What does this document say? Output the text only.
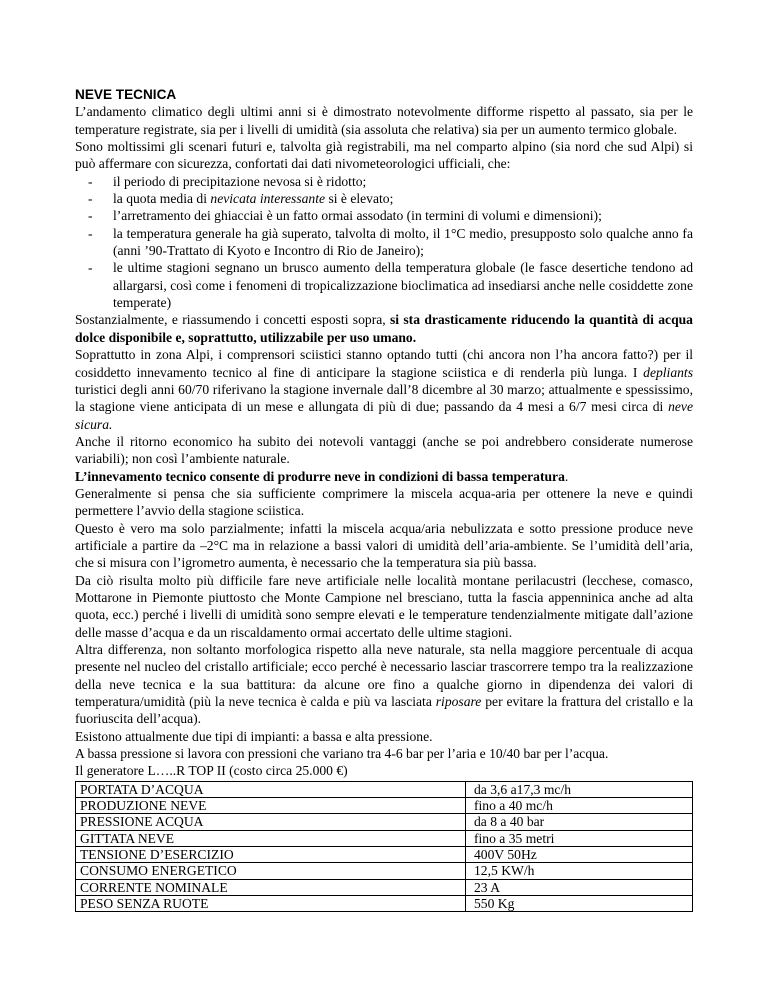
NEVE TECNICA

L’andamento climatico degli ultimi anni si è dimostrato notevolmente difforme rispetto al passato, sia per le temperature registrate, sia per i livelli di umidità (sia assoluta che relativa) sia per un aumento termico globale.

Sono moltissimi gli scenari futuri e, talvolta già registrabili, ma nel comparto alpino (sia nord che sud Alpi) si può affermare con sicurezza, confortati dai dati nivometeorologici ufficiali, che:

- il periodo di precipitazione nevosa si è ridotto;
- la quota media di nevicata interessante si è elevato;
- l’arretramento dei ghiacciai è un fatto ormai assodato (in termini di volumi e dimensioni);
- la temperatura generale ha già superato, talvolta di molto, il 1°C medio, presupposto solo qualche anno fa (anni ’90-Trattato di Kyoto e Incontro di Rio de Janeiro);
- le ultime stagioni segnano un brusco aumento della temperatura globale (le fasce desertiche tendono ad allargarsi, così come i fenomeni di tropicalizzazione bioclimatica ad insediarsi anche nelle cosiddette zone temperate)

Sostanzialmente, e riassumendo i concetti esposti sopra, si sta drasticamente riducendo la quantità di acqua dolce disponibile e, soprattutto, utilizzabile per uso umano.

Soprattutto in zona Alpi, i comprensori sciistici stanno optando tutti (chi ancora non l’ha ancora fatto?) per il cosiddetto innevamento tecnico al fine di anticipare la stagione sciistica e di renderla più lunga. I depliants turistici degli anni 60/70 riferivano la stagione invernale dall’8 dicembre al 30 marzo; attualmente e spessissimo, la stagione viene anticipata di un mese e allungata di più di due; passando da 4 mesi a 6/7 mesi circa di neve sicura.

Anche il ritorno economico ha subito dei notevoli vantaggi (anche se poi andrebbero considerate numerose variabili); non così l’ambiente naturale.

L’innevamento tecnico consente di produrre neve in condizioni di bassa temperatura.

Generalmente si pensa che sia sufficiente comprimere la miscela acqua-aria per ottenere la neve e quindi permettere l’avvio della stagione sciistica.

Questo è vero ma solo parzialmente; infatti la miscela acqua/aria nebulizzata e sotto pressione produce neve artificiale a partire da –2°C ma in relazione a bassi valori di umidità dell’aria-ambiente. Se l’umidità dell’aria, che si misura con l’igrometro aumenta, è necessario che la temperatura sia più bassa.

Da ciò risulta molto più difficile fare neve artificiale nelle località montane perilacustri (lecchese, comasco, Mottarone in Piemonte piuttosto che Monte Campione nel bresciano, tutta la fascia appenninica anche ad alta quota, ecc.) perché i livelli di umidità sono sempre elevati e le temperature tendenzialmente mitigate dall’azione delle masse d’acqua e da un riscaldamento ormai accertato delle ultime stagioni.

Altra differenza, non soltanto morfologica rispetto alla neve naturale, sta nella maggiore percentuale di acqua presente nel nucleo del cristallo artificiale; ecco perché è necessario lasciar trascorrere tempo tra la realizzazione della neve tecnica e la sua battitura: da alcune ore fino a qualche giorno in dipendenza dei valori di temperatura/umidità (più la neve tecnica è calda e più va lasciata riposare per evitare la frattura del cristallo e la fuoriuscita dell’acqua).

Esistono attualmente due tipi di impianti: a bassa e alta pressione.

A bassa pressione si lavora con pressioni che variano tra 4-6 bar per l’aria e 10/40 bar per l’acqua.

Il generatore L…..R TOP II (costo circa 25.000 €)

PORTATA D’ACQUA	da 3,6 a17,3 mc/h
PRODUZIONE NEVE	fino a 40 mc/h
PRESSIONE ACQUA	da 8 a 40 bar
GITTATA NEVE	fino a 35 metri
TENSIONE D’ESERCIZIO	400V 50Hz
CONSUMO ENERGETICO	12,5 KW/h
CORRENTE NOMINALE	23 A
PESO SENZA RUOTE	550 Kg
